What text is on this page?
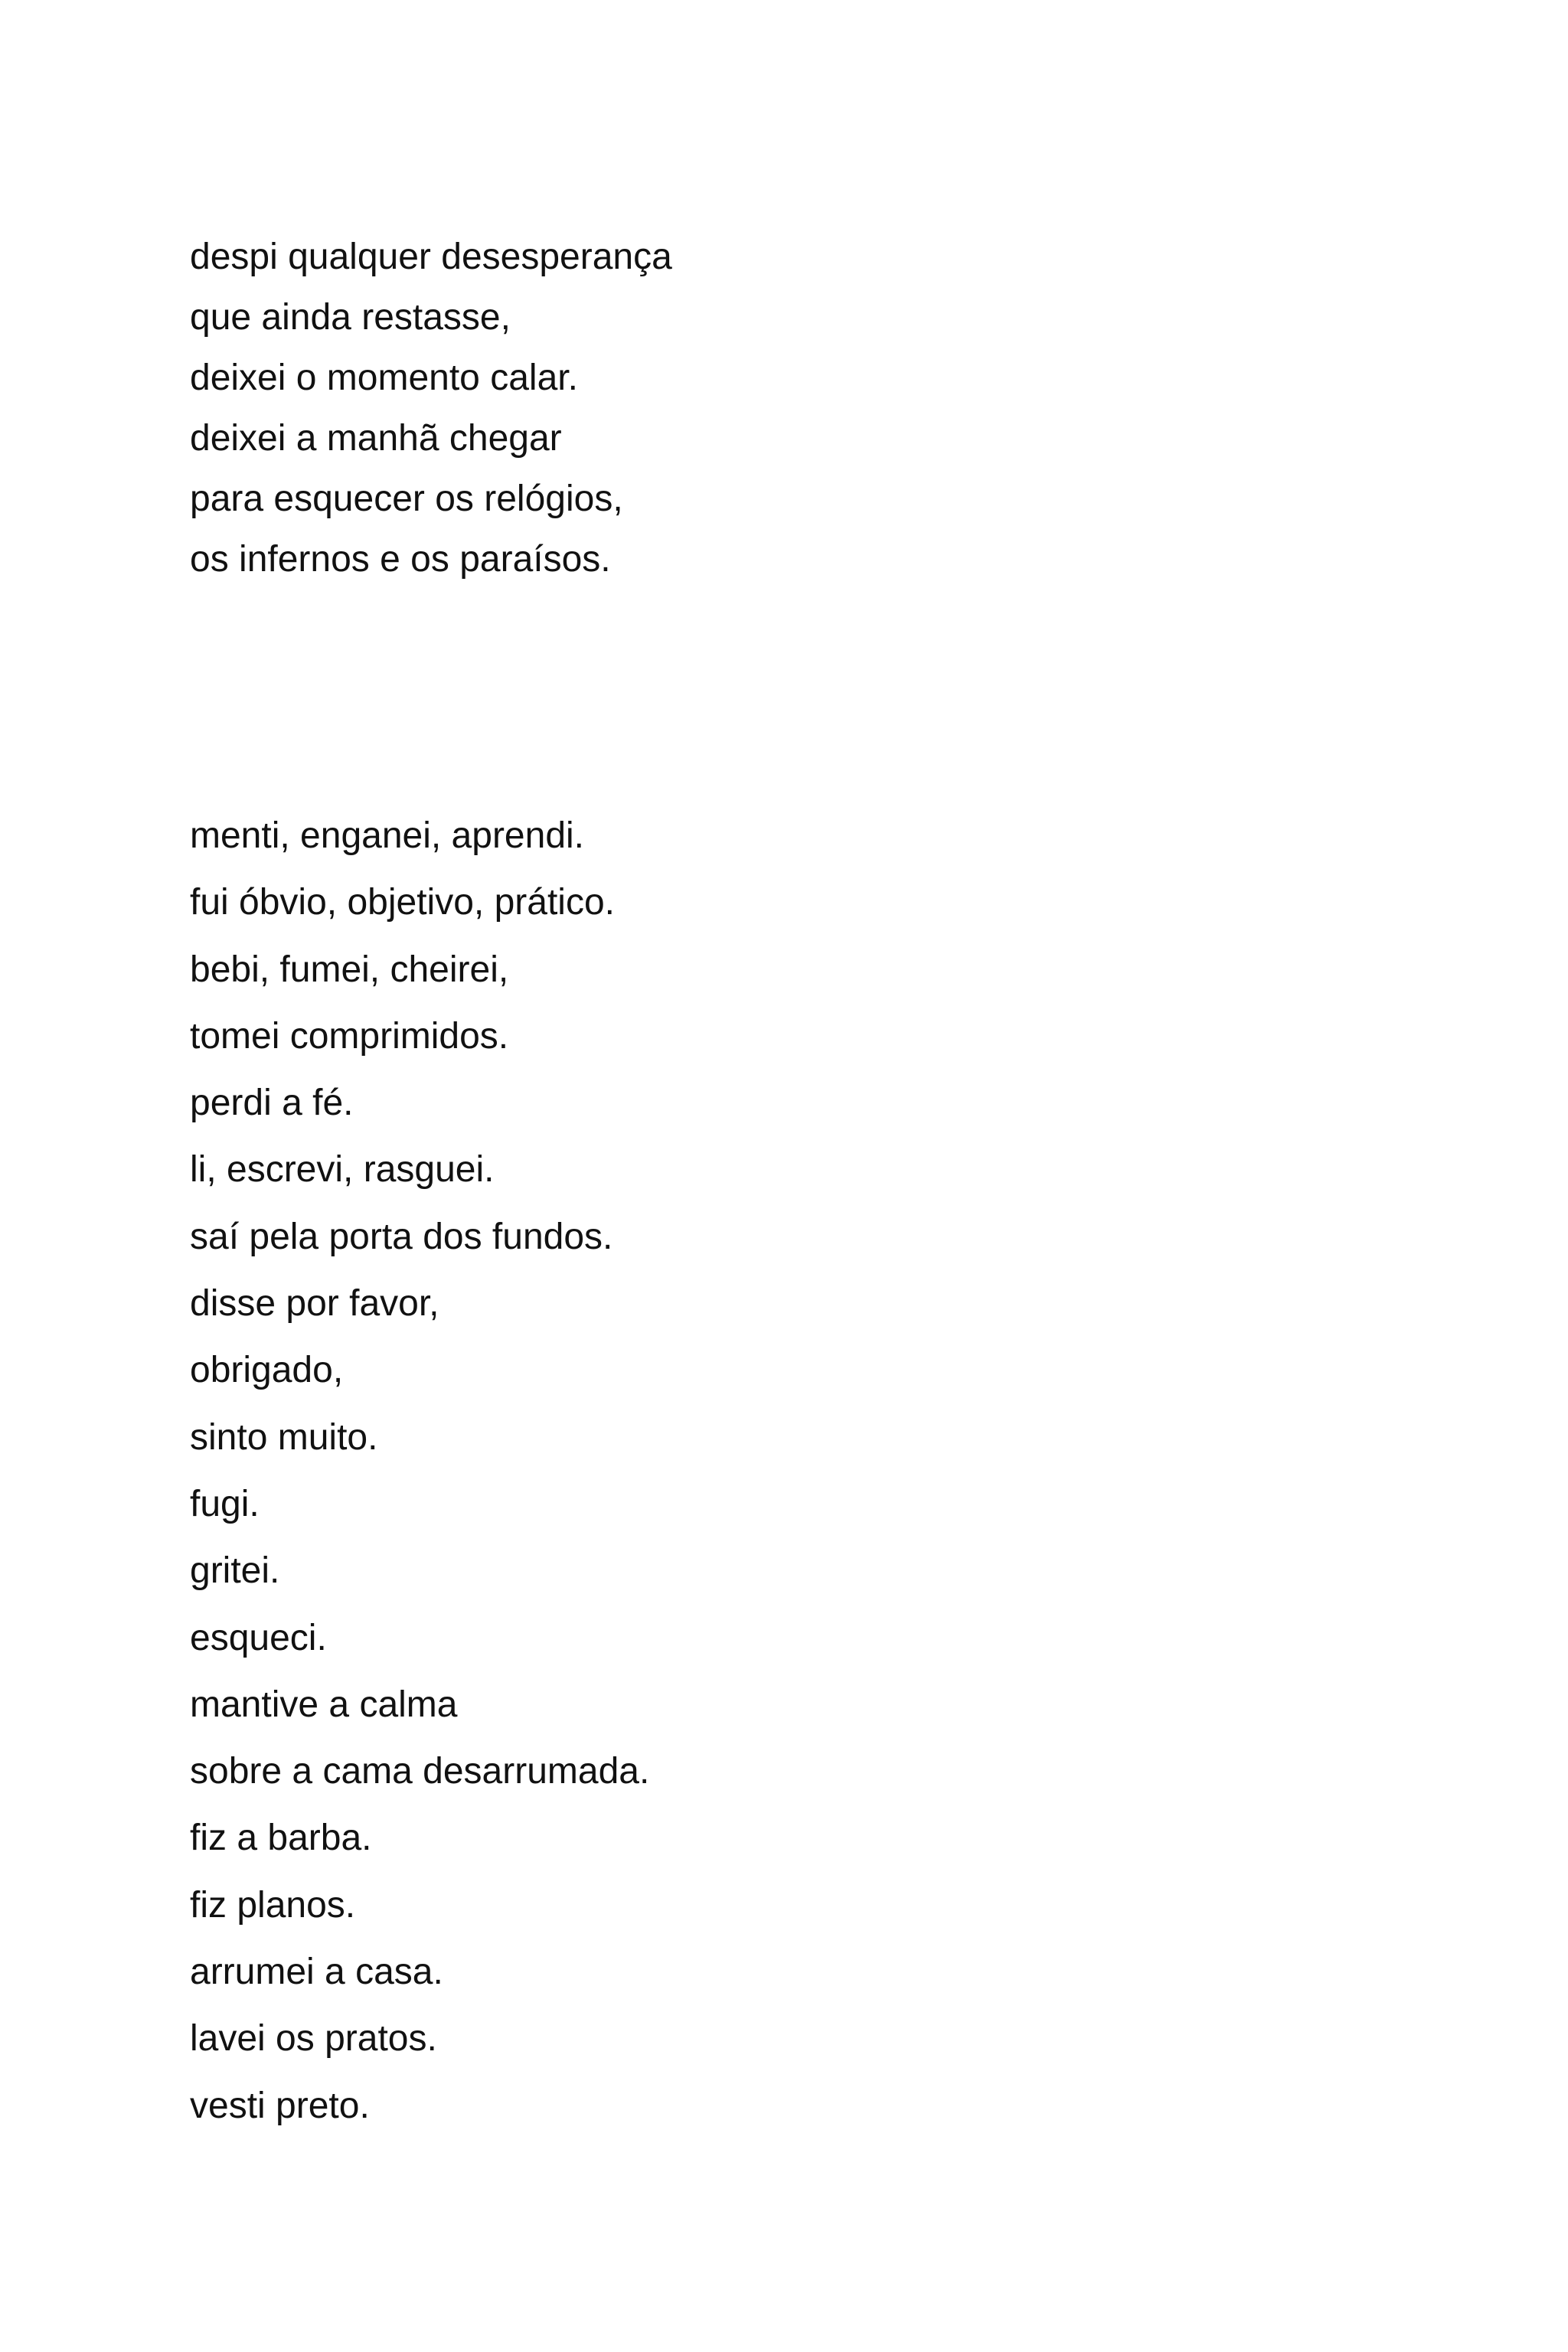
despi qualquer desesperança
que ainda restasse,
deixei o momento calar.
deixei a manhã chegar
para esquecer os relógios,
os infernos e os paraísos.
menti, enganei, aprendi.
fui óbvio, objetivo, prático.
bebi, fumei, cheirei,
tomei comprimidos.
perdi a fé.
li, escrevi, rasguei.
saí pela porta dos fundos.
disse por favor,
obrigado,
sinto muito.
fugi.
gritei.
esqueci.
mantive a calma
sobre a cama desarrumada.
fiz a barba.
fiz planos.
arrumei a casa.
lavei os pratos.
vesti preto.
